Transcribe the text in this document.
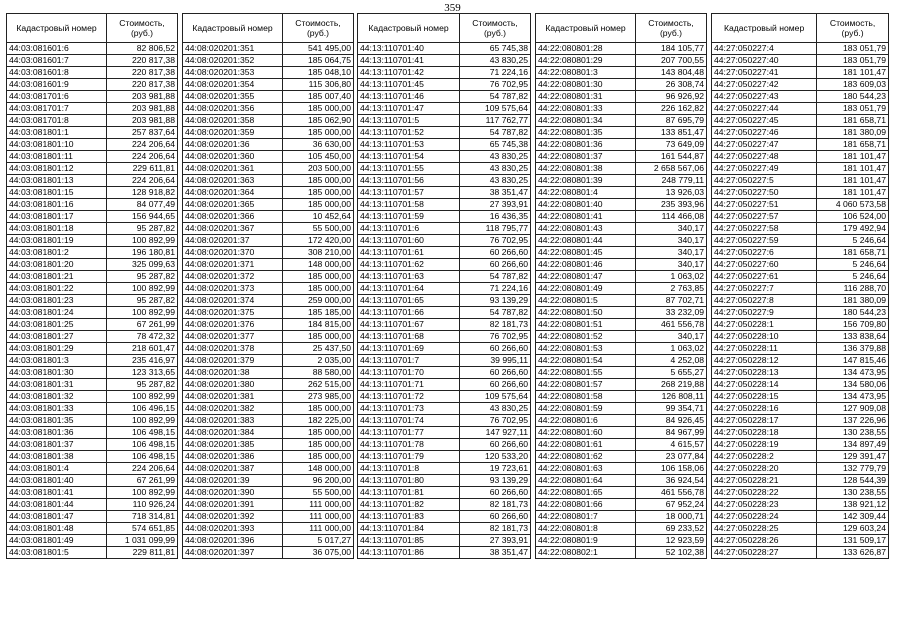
359
Кадастровый номер	Стоимость, (руб.)
44:03:081601:6	82 806,52
44:03:081601:7	220 817,38
44:03:081601:8	220 817,38
44:03:081601:9	220 817,38
44:03:081701:6	203 981,88
44:03:081701:7	203 981,88
44:03:081701:8	203 981,88
44:03:081801:1	257 837,64
44:03:081801:10	224 206,64
44:03:081801:11	224 206,64
44:03:081801:12	229 611,81
44:03:081801:13	224 206,64
44:03:081801:15	128 918,82
44:03:081801:16	84 077,49
44:03:081801:17	156 944,65
44:03:081801:18	95 287,82
44:03:081801:19	100 892,99
44:03:081801:2	196 180,81
44:03:081801:20	325 099,63
44:03:081801:21	95 287,82
44:03:081801:22	100 892,99
44:03:081801:23	95 287,82
44:03:081801:24	100 892,99
44:03:081801:25	67 261,99
44:03:081801:27	78 472,32
44:03:081801:29	218 601,47
44:03:081801:3	235 416,97
44:03:081801:30	123 313,65
44:03:081801:31	95 287,82
44:03:081801:32	100 892,99
44:03:081801:33	106 496,15
44:03:081801:35	100 892,99
44:03:081801:36	106 498,15
44:03:081801:37	106 498,15
44:03:081801:38	106 498,15
44:03:081801:4	224 206,64
44:03:081801:40	67 261,99
44:03:081801:41	100 892,99
44:03:081801:44	110 926,24
44:03:081801:47	718 314,81
44:03:081801:48	574 651,85
44:03:081801:49	1 031 099,99
44:03:081801:5	229 811,81
Кадастровый номер	Стоимость, (руб.)
44:08:020201:351	541 495,00
44:08:020201:352	185 064,75
44:08:020201:353	185 048,10
44:08:020201:354	115 306,80
44:08:020201:355	185 007,40
44:08:020201:356	185 000,00
44:08:020201:358	185 062,90
44:08:020201:359	185 000,00
44:08:020201:36	36 630,00
44:08:020201:360	105 450,00
44:08:020201:361	203 500,00
44:08:020201:363	185 000,00
44:08:020201:364	185 000,00
44:08:020201:365	185 000,00
44:08:020201:366	10 452,64
44:08:020201:367	55 500,00
44:08:020201:37	172 420,00
44:08:020201:370	308 210,00
44:08:020201:371	148 000,00
44:08:020201:372	185 000,00
44:08:020201:373	185 000,00
44:08:020201:374	259 000,00
44:08:020201:375	185 185,00
44:08:020201:376	184 815,00
44:08:020201:377	185 000,00
44:08:020201:378	25 437,50
44:08:020201:379	2 035,00
44:08:020201:38	88 580,00
44:08:020201:380	262 515,00
44:08:020201:381	273 985,00
44:08:020201:382	185 000,00
44:08:020201:383	182 225,00
44:08:020201:384	185 000,00
44:08:020201:385	185 000,00
44:08:020201:386	185 000,00
44:08:020201:387	148 000,00
44:08:020201:39	96 200,00
44:08:020201:390	55 500,00
44:08:020201:391	111 000,00
44:08:020201:392	111 000,00
44:08:020201:393	111 000,00
44:08:020201:396	5 017,27
44:08:020201:397	36 075,00
Кадастровый номер	Стоимость, (руб.)
44:13:110701:40	65 745,38
44:13:110701:41	43 830,25
44:13:110701:42	71 224,16
44:13:110701:45	76 702,95
44:13:110701:46	54 787,82
44:13:110701:47	109 575,64
44:13:110701:5	117 762,77
44:13:110701:52	54 787,82
44:13:110701:53	65 745,38
44:13:110701:54	43 830,25
44:13:110701:55	43 830,25
44:13:110701:56	43 830,25
44:13:110701:57	38 351,47
44:13:110701:58	27 393,91
44:13:110701:59	16 436,35
44:13:110701:6	118 795,77
44:13:110701:60	76 702,95
44:13:110701:61	60 266,60
44:13:110701:62	60 266,60
44:13:110701:63	54 787,82
44:13:110701:64	71 224,16
44:13:110701:65	93 139,29
44:13:110701:66	54 787,82
44:13:110701:67	82 181,73
44:13:110701:68	76 702,95
44:13:110701:69	60 266,60
44:13:110701:7	39 995,11
44:13:110701:70	60 266,60
44:13:110701:71	60 266,60
44:13:110701:72	109 575,64
44:13:110701:73	43 830,25
44:13:110701:74	76 702,95
44:13:110701:77	147 927,11
44:13:110701:78	60 266,60
44:13:110701:79	120 533,20
44:13:110701:8	19 723,61
44:13:110701:80	93 139,29
44:13:110701:81	60 266,60
44:13:110701:82	82 181,73
44:13:110701:83	60 266,60
44:13:110701:84	82 181,73
44:13:110701:85	27 393,91
44:13:110701:86	38 351,47
Кадастровый номер	Стоимость, (руб.)
44:22:080801:28	184 105,77
44:22:080801:29	207 700,55
44:22:080801:3	143 804,48
44:22:080801:30	26 308,74
44:22:080801:31	96 926,92
44:22:080801:33	226 162,82
44:22:080801:34	87 695,79
44:22:080801:35	133 851,47
44:22:080801:36	73 649,09
44:22:080801:37	161 544,87
44:22:080801:38	2 658 567,06
44:22:080801:39	248 779,11
44:22:080801:4	13 926,03
44:22:080801:40	235 393,96
44:22:080801:41	114 466,08
44:22:080801:43	340,17
44:22:080801:44	340,17
44:22:080801:45	340,17
44:22:080801:46	340,17
44:22:080801:47	1 063,02
44:22:080801:49	2 763,85
44:22:080801:5	87 702,71
44:22:080801:50	33 232,09
44:22:080801:51	461 556,78
44:22:080801:52	340,17
44:22:080801:53	1 063,02
44:22:080801:54	4 252,08
44:22:080801:55	5 655,27
44:22:080801:57	268 219,88
44:22:080801:58	126 808,11
44:22:080801:59	99 354,71
44:22:080801:6	84 926,45
44:22:080801:60	84 967,99
44:22:080801:61	4 615,57
44:22:080801:62	23 077,84
44:22:080801:63	106 158,06
44:22:080801:64	36 924,54
44:22:080801:65	461 556,78
44:22:080801:66	67 952,24
44:22:080801:7	18 000,71
44:22:080801:8	69 233,52
44:22:080801:9	12 923,59
44:22:080802:1	52 102,38
Кадастровый номер	Стоимость, (руб.)
44:27:050227:4	183 051,79
44:27:050227:40	183 051,79
44:27:050227:41	181 101,47
44:27:050227:42	183 609,03
44:27:050227:43	180 544,23
44:27:050227:44	183 051,79
44:27:050227:45	181 658,71
44:27:050227:46	181 380,09
44:27:050227:47	181 658,71
44:27:050227:48	181 101,47
44:27:050227:49	181 101,47
44:27:050227:5	181 101,47
44:27:050227:50	181 101,47
44:27:050227:51	4 060 573,58
44:27:050227:57	106 524,00
44:27:050227:58	179 492,94
44:27:050227:59	5 246,64
44:27:050227:6	181 658,71
44:27:050227:60	5 246,64
44:27:050227:61	5 246,64
44:27:050227:7	116 288,70
44:27:050227:8	181 380,09
44:27:050227:9	180 544,23
44:27:050228:1	156 709,80
44:27:050228:10	133 838,64
44:27:050228:11	136 379,88
44:27:050228:12	147 815,46
44:27:050228:13	134 473,95
44:27:050228:14	134 580,06
44:27:050228:15	134 473,95
44:27:050228:16	127 909,08
44:27:050228:17	137 226,96
44:27:050228:18	130 238,55
44:27:050228:19	134 897,49
44:27:050228:2	129 391,47
44:27:050228:20	132 779,79
44:27:050228:21	128 544,39
44:27:050228:22	130 238,55
44:27:050228:23	138 921,12
44:27:050228:24	142 309,44
44:27:050228:25	129 603,24
44:27:050228:26	131 509,17
44:27:050228:27	133 626,87
